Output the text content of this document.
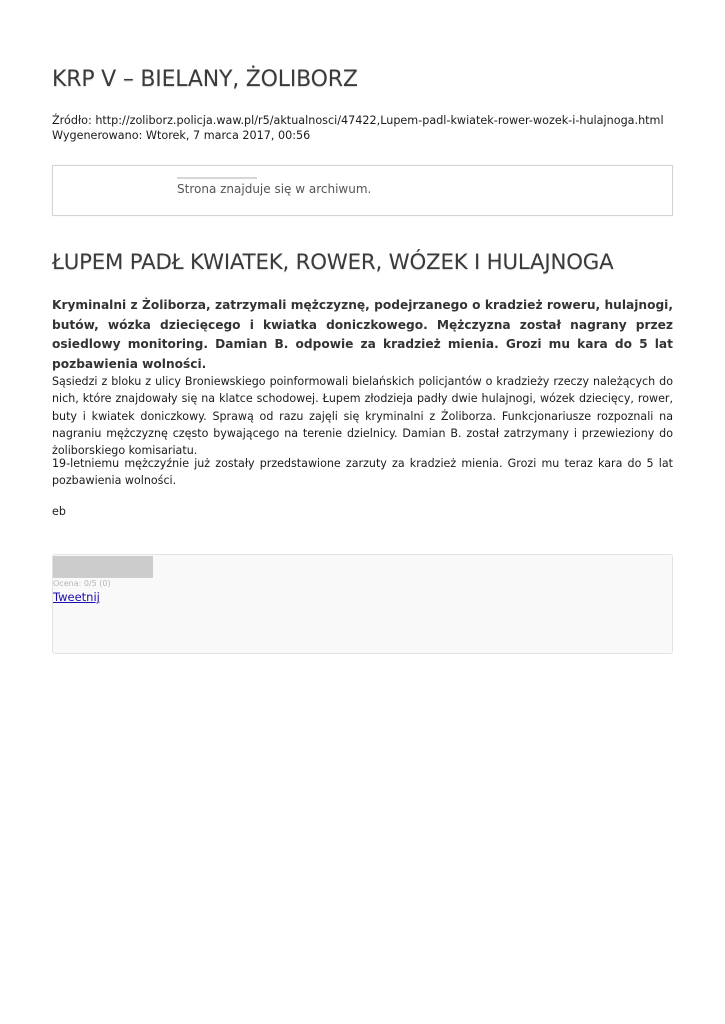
KRP V – BIELANY, ŻOLIBORZ
Źródło: http://zoliborz.policja.waw.pl/r5/aktualnosci/47422,Lupem-padl-kwiatek-rower-wozek-i-hulajnoga.html
Wygenerowano: Wtorek, 7 marca 2017, 00:56
Strona znajduje się w archiwum.
ŁUPEM PADŁ KWIATEK, ROWER, WÓZEK I HULAJNOGA

Kryminalni z Żoliborza, zatrzymali mężczyznę, podejrzanego o kradzież roweru, hulajnogi, butów, wózka dziecięcego i kwiatka doniczkowego. Mężczyzna został nagrany przez osiedlowy monitoring. Damian B. odpowie za kradzież mienia. Grozi mu kara do 5 lat pozbawienia wolności.

Sąsiedzi z bloku z ulicy Broniewskiego poinformowali bielańskich policjantów o kradzieży rzeczy należących do nich, które znajdowały się na klatce schodowej. Łupem złodzieja padły dwie hulajnogi, wózek dziecięcy, rower, buty i kwiatek doniczkowy. Sprawą od razu zajęli się kryminalni z Żoliborza. Funkcjonariusze rozpoznali na nagraniu mężczyznę często bywającego na terenie dzielnicy. Damian B. został zatrzymany i przewieziony do żoliborskiego komisariatu.

19-letniemu mężczyźnie już zostały przedstawione zarzuty za kradzież mienia. Grozi mu teraz kara do 5 lat pozbawienia wolności.

eb

Ocena: 0/5 (0)
Tweetnij
